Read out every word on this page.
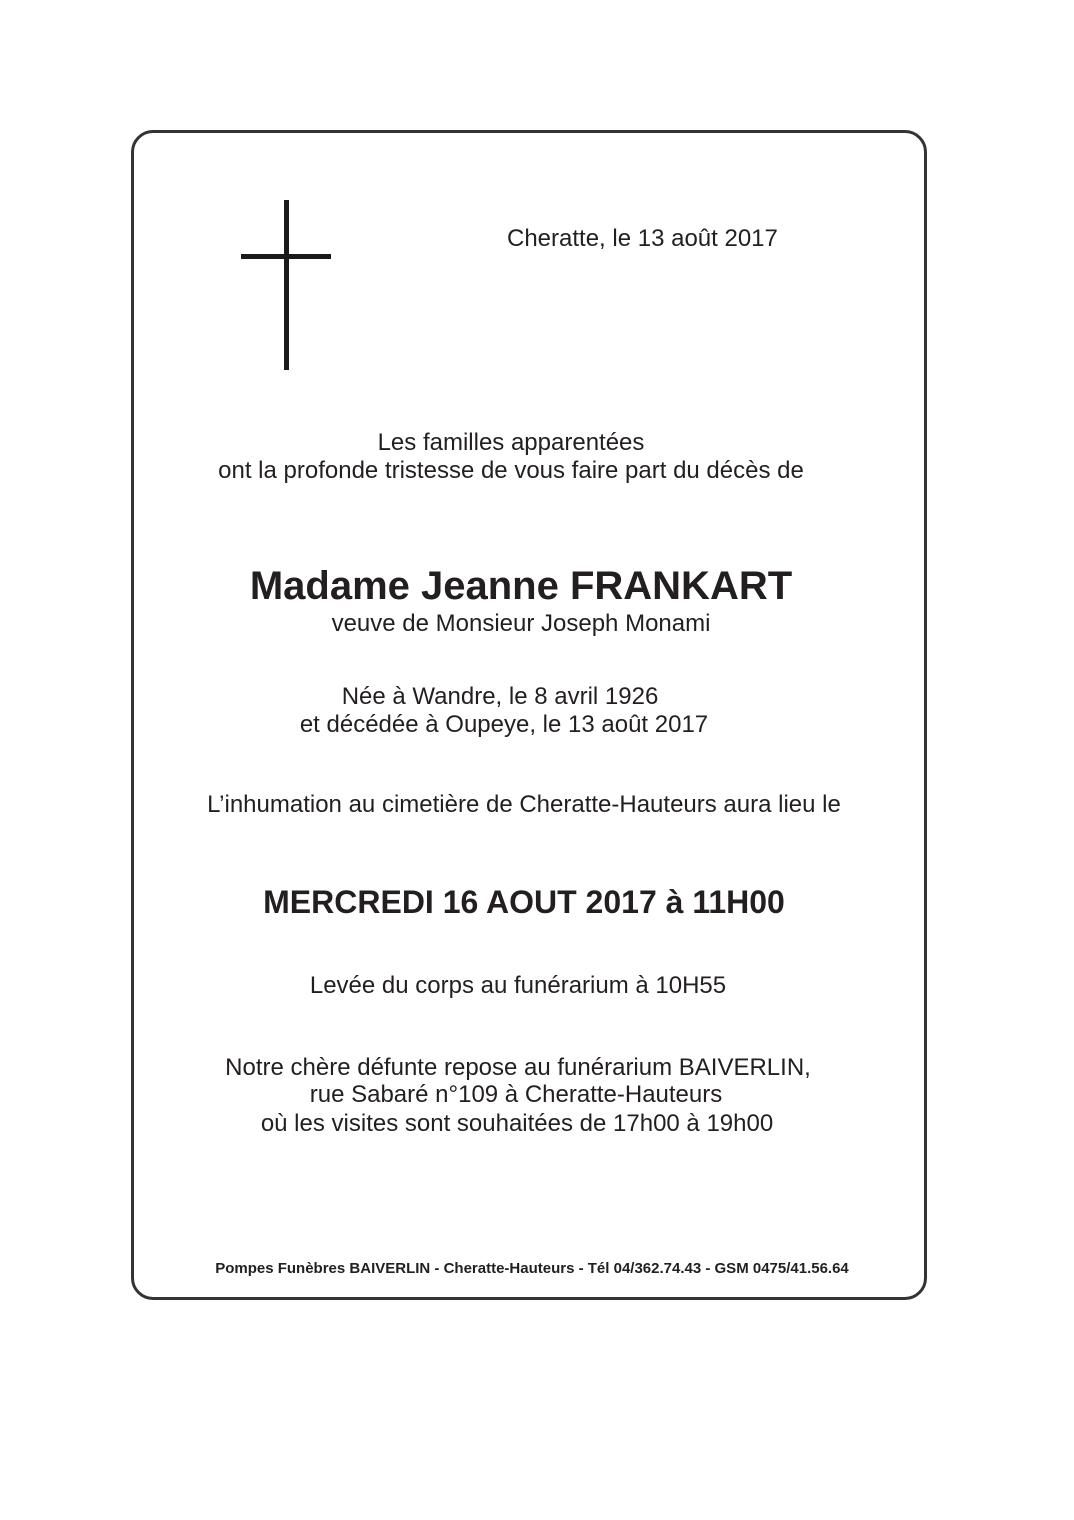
Cheratte, le 13 août 2017
Les familles apparentées
ont la profonde tristesse de vous faire part du décès de
Madame Jeanne FRANKART
veuve de Monsieur Joseph Monami
Née à Wandre, le 8 avril 1926
et décédée à Oupeye, le 13 août 2017
L’inhumation au cimetière de Cheratte-Hauteurs aura lieu le
MERCREDI 16 AOUT 2017 à 11H00
Levée du corps au funérarium à 10H55
Notre chère défunte repose au funérarium BAIVERLIN,
rue Sabaré n°109 à Cheratte-Hauteurs
où les visites sont souhaitées de 17h00 à 19h00
Pompes Funèbres BAIVERLIN - Cheratte-Hauteurs - Tél 04/362.74.43 - GSM 0475/41.56.64
